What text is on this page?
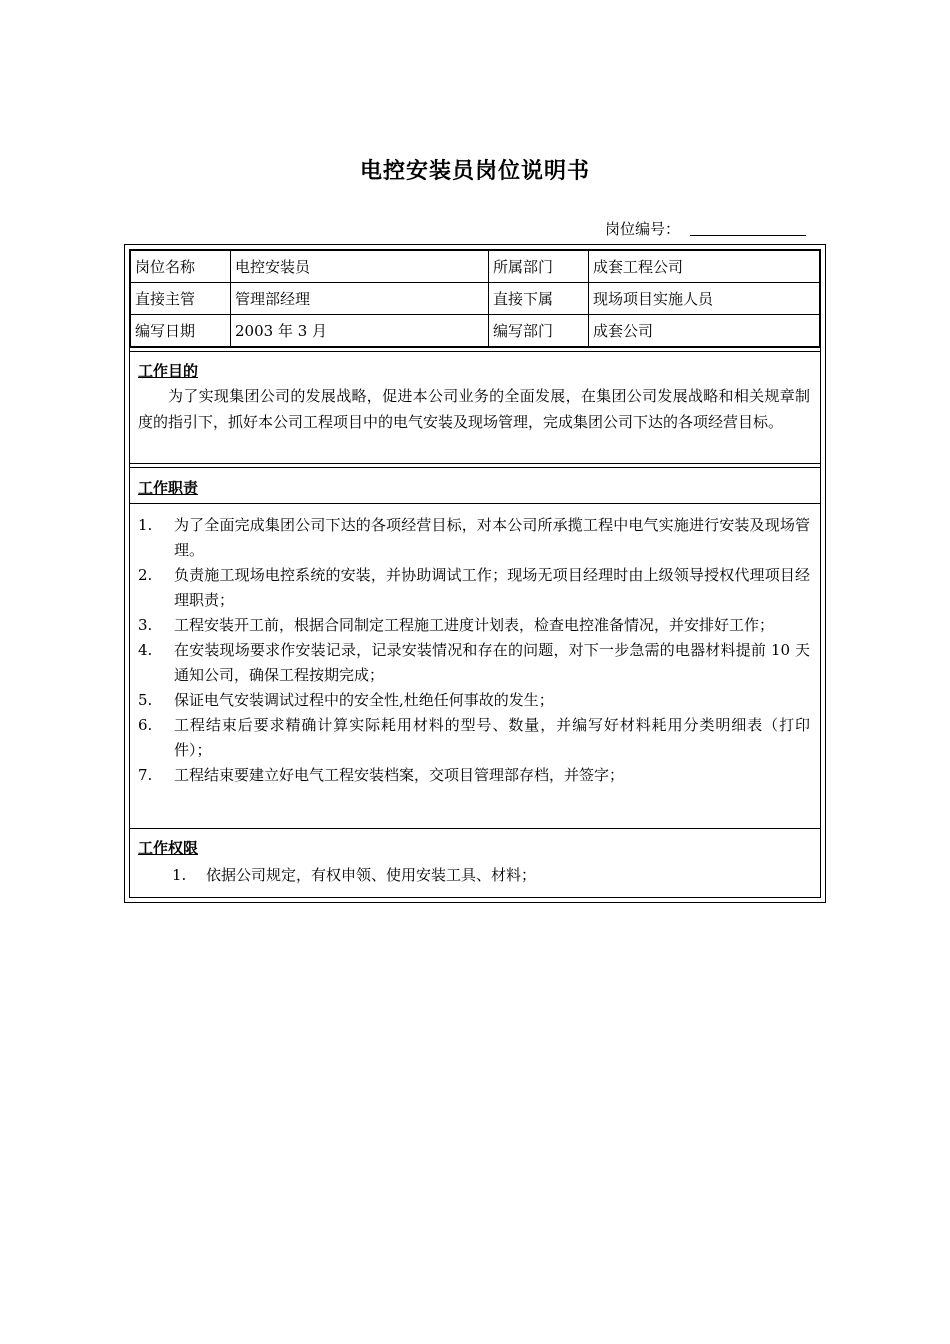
电控安装员岗位说明书
岗位编号：
岗位名称	电控安装员	所属部门	成套工程公司
直接主管	管理部经理	直接下属	现场项目实施人员
编写日期	2003 年 3 月	编写部门	成套公司
工作目的
为了实现集团公司的发展战略，促进本公司业务的全面发展，在集团公司发展战略和相关规章制度的指引下，抓好本公司工程项目中的电气安装及现场管理，完成集团公司下达的各项经营目标。
工作职责
1.	为了全面完成集团公司下达的各项经营目标，对本公司所承揽工程中电气实施进行安装及现场管理。
2.	负责施工现场电控系统的安装，并协助调试工作；现场无项目经理时由上级领导授权代理项目经理职责；
3.	工程安装开工前，根据合同制定工程施工进度计划表，检查电控准备情况，并安排好工作；
4.	在安装现场要求作安装记录，记录安装情况和存在的问题，对下一步急需的电器材料提前 10 天通知公司，确保工程按期完成；
5.	保证电气安装调试过程中的安全性,杜绝任何事故的发生；
6.	工程结束后要求精确计算实际耗用材料的型号、数量，并编写好材料耗用分类明细表（打印件）；
7.	工程结束要建立好电气工程安装档案，交项目管理部存档，并签字；
工作权限
1. 依据公司规定，有权申领、使用安装工具、材料；
